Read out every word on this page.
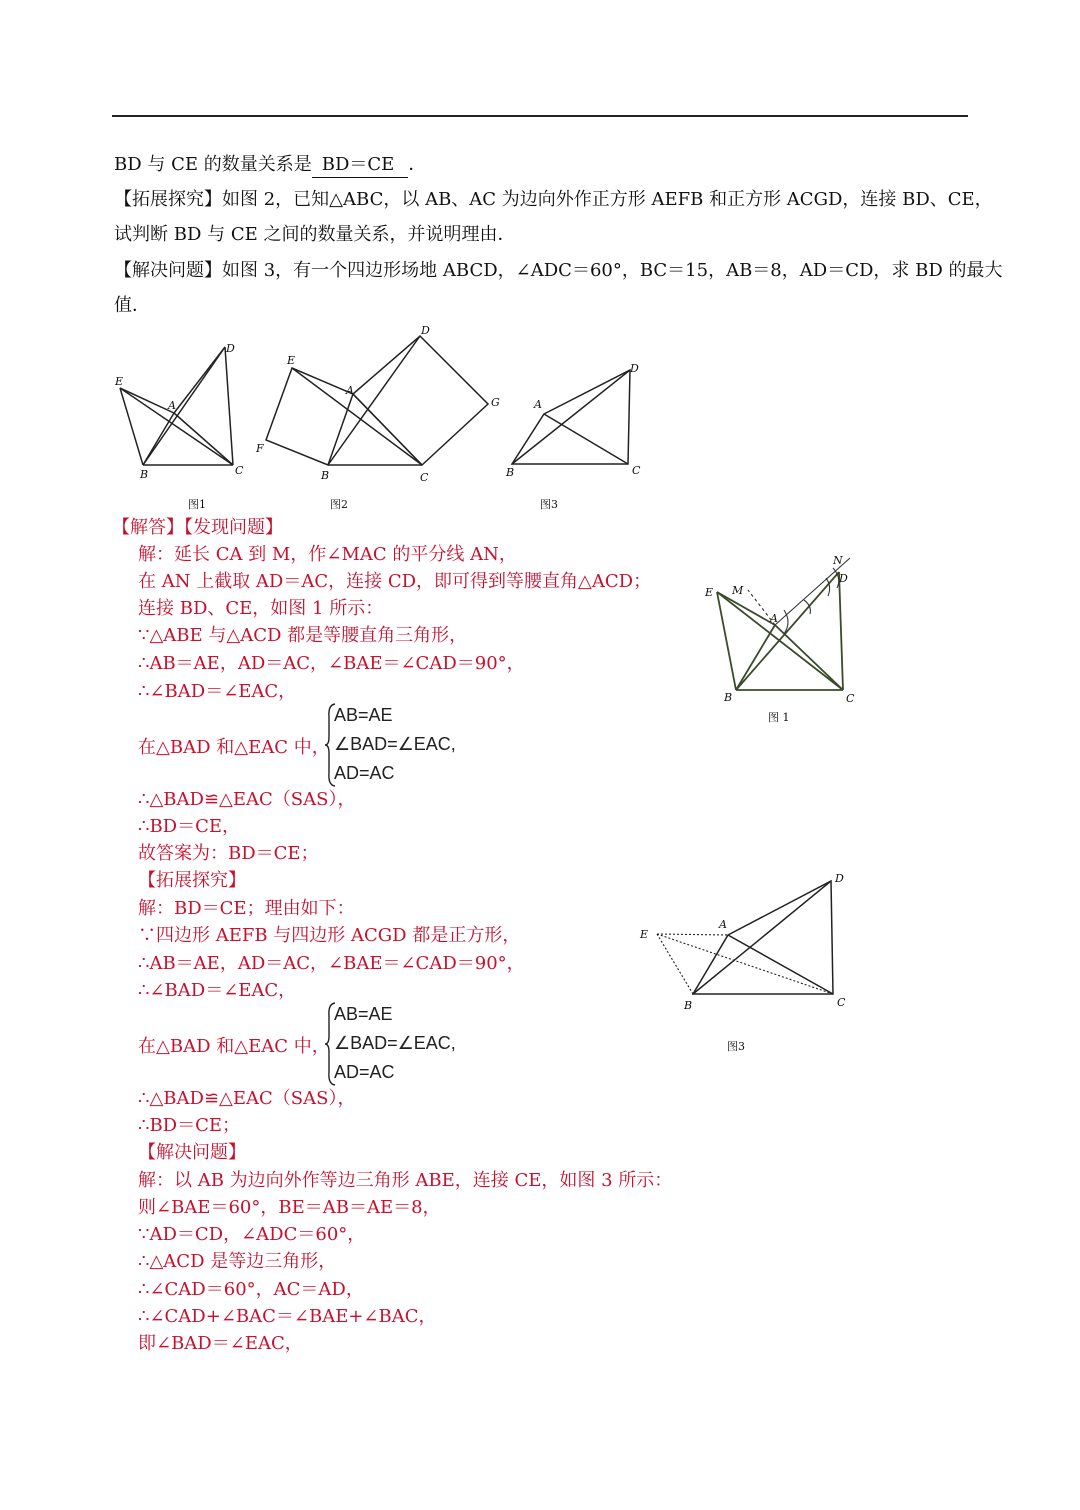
BD 与 CE 的数量关系是 BD＝CE ．
【拓展探究】如图 2，已知△ABC，以 AB、AC 为边向外作正方形 AEFB 和正方形 ACGD，连接 BD、CE，
试判断 BD 与 CE 之间的数量关系，并说明理由．
【解决问题】如图 3，有一个四边形场地 ABCD，∠ADC＝60°，BC＝15，AB＝8，AD＝CD，求 BD 的最大
值．
E
A
D
B	C
图1
E
A
D
F
G
B	C
图2
A
D
B	C
图3
【解答】【发现问题】
解：延长 CA 到 M，作∠MAC 的平分线 AN，
在 AN 上截取 AD＝AC，连接 CD，即可得到等腰直角△ACD；
连接 BD、CE，如图 1 所示：
∵△ABE 与△ACD 都是等腰直角三角形，
∴AB＝AE，AD＝AC，∠BAE＝∠CAD＝90°，
∴∠BAD＝∠EAC，
在△BAD 和△EAC 中，
AB=AE
∠BAD=∠EAC,
AD=AC
∴△BAD≌△EAC（SAS），
∴BD＝CE，
故答案为：BD＝CE；
【拓展探究】
解：BD＝CE；理由如下：
∵四边形 AEFB 与四边形 ACGD 都是正方形，
∴AB＝AE，AD＝AC，∠BAE＝∠CAD＝90°，
∴∠BAD＝∠EAC，
在△BAD 和△EAC 中，
AB=AE
∠BAD=∠EAC,
AD=AC
∴△BAD≌△EAC（SAS），
∴BD＝CE；
【解决问题】
解：以 AB 为边向外作等边三角形 ABE，连接 CE，如图 3 所示：
则∠BAE＝60°，BE＝AB＝AE＝8，
∵AD＝CD，∠ADC＝60°，
∴△ACD 是等边三角形，
∴∠CAD＝60°，AC＝AD，
∴∠CAD+∠BAC＝∠BAE+∠BAC，
即∠BAD＝∠EAC，
E M
A
N
D
B	C
图 1
E
A
D
B	C
图3
